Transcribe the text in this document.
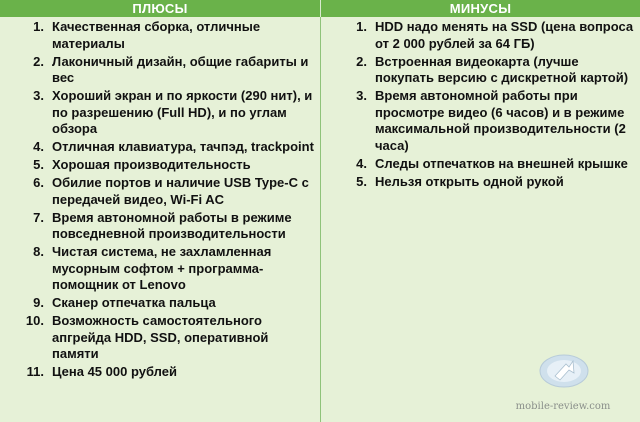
ПЛЮСЫ	МИНУСЫ
1. Качественная сборка, отличные материалы
2. Лаконичный дизайн, общие габариты и вес
3. Хороший экран и по яркости (290 нит), и по разрешению (Full HD), и по углам обзора
4. Отличная клавиатура, тачпэд, trackpoint
5. Хорошая производительность
6. Обилие портов и наличие USB Type-C с передачей видео, Wi-Fi AC
7. Время автономной работы в режиме повседневной производительности
8. Чистая система, не захламленная мусорным софтом + программа-помощник от Lenovo
9. Сканер отпечатка пальца
10. Возможность самостоятельного апгрейда HDD, SSD, оперативной памяти
11. Цена 45 000 рублей
1. HDD надо менять на SSD (цена вопроса от 2 000 рублей за 64 ГБ)
2. Встроенная видеокарта (лучше покупать версию с дискретной картой)
3. Время автономной работы при просмотре видео (6 часов) и в режиме максимальной производительности (2 часа)
4. Следы отпечатков на внешней крышке
5. Нельзя открыть одной рукой
mobile-review.com
